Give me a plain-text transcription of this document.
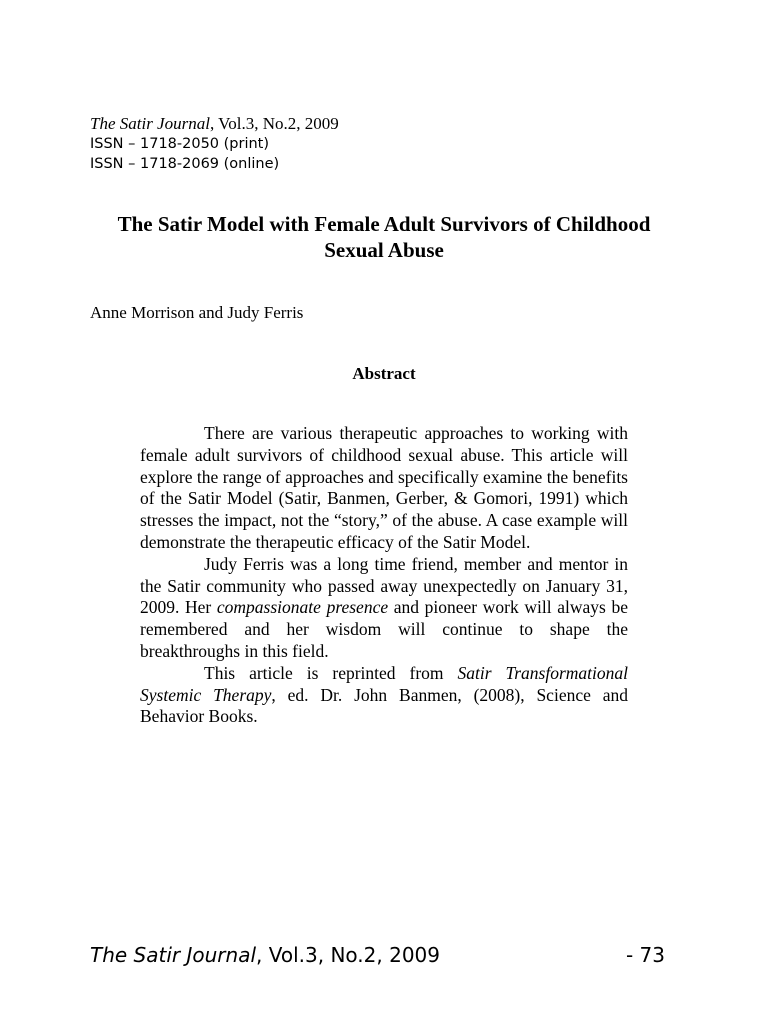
The Satir Journal, Vol.3, No.2, 2009
ISSN – 1718-2050 (print)
ISSN – 1718-2069 (online)
The Satir Model with Female Adult Survivors of Childhood Sexual Abuse
Anne Morrison and Judy Ferris
Abstract

There are various therapeutic approaches to working with female adult survivors of childhood sexual abuse. This article will explore the range of approaches and specifically examine the benefits of the Satir Model (Satir, Banmen, Gerber, & Gomori, 1991) which stresses the impact, not the “story,” of the abuse. A case example will demonstrate the therapeutic efficacy of the Satir Model.

Judy Ferris was a long time friend, member and mentor in the Satir community who passed away unexpectedly on January 31, 2009. Her compassionate presence and pioneer work will always be remembered and her wisdom will continue to shape the breakthroughs in this field.

This article is reprinted from Satir Transformational Systemic Therapy, ed. Dr. John Banmen, (2008), Science and Behavior Books.

The Satir Journal, Vol.3, No.2, 2009	- 73
